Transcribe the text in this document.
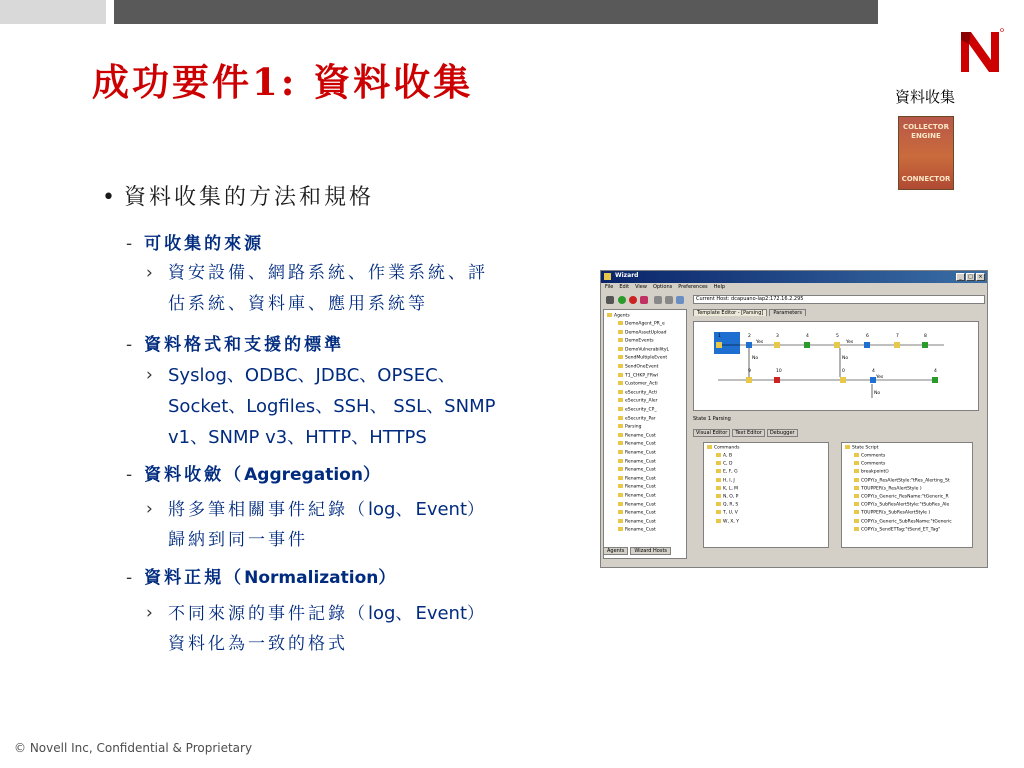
成功要件1: 資料收集	資料收集
COLLECTOR
ENGINE
CONNECTOR
• 資料收集的方法和規格
- 可收集的來源
› 資安設備、網路系統、作業系統、評
估系統、資料庫、應用系統等
- 資料格式和支援的標準
› Syslog、ODBC、JDBC、OPSEC、
Socket、Logfiles、SSH、 SSL、SNMP
v1、SNMP v3、HTTP、HTTPS
- 資料收斂（Aggregation）
› 將多筆相關事件紀錄（log、Event）
歸納到同一事件
- 資料正規（Normalization）
› 不同來源的事件記錄（log、Event）
資料化為一致的格式
Wizard	_	□	×
File Edit View Options Preferences Help
Current Host: dcapuano-lap2:172.16.2.295
Agents
DemoAgent_PR_e
DemoAssetUpload
DemoEvents
DemoVulnerabilityL
SendMultipleEvent
SendOneEvent
T1_CHKP_FRwl
Customer_Acti
eSecurity_Acti
eSecurity_Aler
eSecurity_CP_
eSecurity_Par
Parsing
Rename_Cust
Rename_Cust
Rename_Cust
Rename_Cust
Rename_Cust
Rename_Cust
Rename_Cust
Rename_Cust
Rename_Cust
Rename_Cust
Rename_Cust
Rename_Cust
Agents Wizard Hosts
Template Editor - [Parsing] Parameters
1	2	3	4	5	6	7	8
9	10	0	4	4
Yes
No
Yes
No
Yes
No
State 1 Parsing
Visual Editor Text Editor Debugger
Commands
A, B
C, D
E, F, G
H, I, J
K, L, M
N, O, P
Q, R, S
T, U, V
W, X, Y
State Script
Comments
Comments
breakpoint()
COPY(s_ResAlertStyle:"tRes_Alerting_St
TOUPPER(s_ResAlertStyle )
COPY(s_Generic_ResName:"tGeneric_R
COPY(s_SubResAlertStyle:"tSubRes_Ale
TOUPPER(s_SubResAlertStyle )
COPY(s_Generic_SubResName:"tGeneric
COPY(s_SendETTag:"tSend_ET_Tag"
© Novell Inc, Confidential & Proprietary
